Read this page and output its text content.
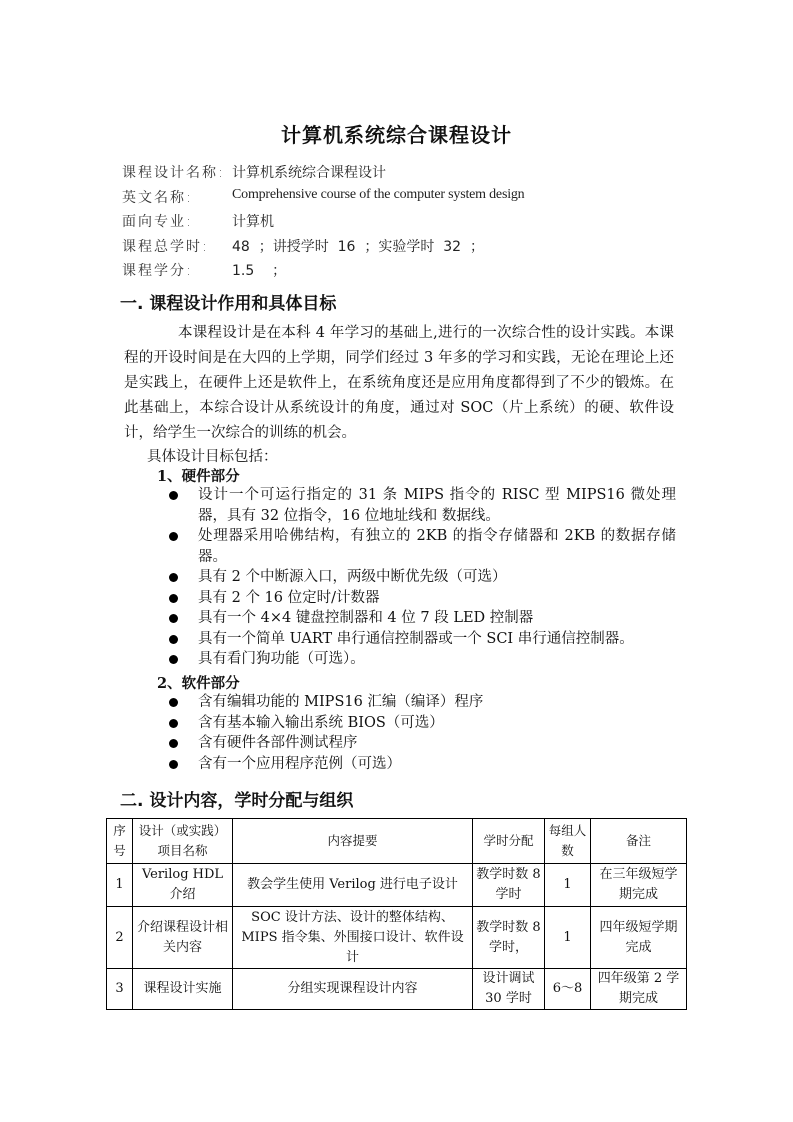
计算机系统综合课程设计
课程设计名称: 计算机系统综合课程设计
英文名称:	Comprehensive course of the computer system design
面向专业:	计算机
课程总学时: 48  ；讲授学时  16  ；实验学时  32  ；
课程学分:	1.5    ；
一. 课程设计作用和具体目标
本课程设计是在本科 4 年学习的基础上,进行的一次综合性的设计实践。本课程的开设时间是在大四的上学期，同学们经过 3 年多的学习和实践，无论在理论上还是实践上，在硬件上还是软件上，在系统角度还是应用角度都得到了不少的锻炼。在此基础上，本综合设计从系统设计的角度，通过对 SOC（片上系统）的硬、软件设计，给学生一次综合的训练的机会。
具体设计目标包括：
1、硬件部分
设计一个可运行指定的 31 条 MIPS 指令的 RISC 型 MIPS16 微处理器，具有 32 位指令，16 位地址线和 数据线。
处理器采用哈佛结构，有独立的 2KB 的指令存储器和 2KB 的数据存储器。
具有 2 个中断源入口，两级中断优先级（可选）
具有 2 个 16 位定时/计数器
具有一个 4×4 键盘控制器和 4 位 7 段 LED 控制器
具有一个简单 UART 串行通信控制器或一个 SCI 串行通信控制器。
具有看门狗功能（可选）。
2、软件部分
含有编辑功能的 MIPS16 汇编（编译）程序
含有基本输入输出系统 BIOS（可选）
含有硬件各部件测试程序
含有一个应用程序范例（可选）
二. 设计内容，学时分配与组织
序号	设计（或实践）项目名称	内容提要	学时分配	每组人数	备注
1	Verilog HDL 介绍	教会学生使用 Verilog 进行电子设计	教学时数 8 学时	1	在三年级短学期完成
2	介绍课程设计相关内容	SOC 设计方法、设计的整体结构、MIPS 指令集、外围接口设计、软件设计	教学时数 8 学时，	1	四年级短学期完成
3	课程设计实施	分组实现课程设计内容	设计调试 30 学时	6～8	四年级第 2 学期完成
